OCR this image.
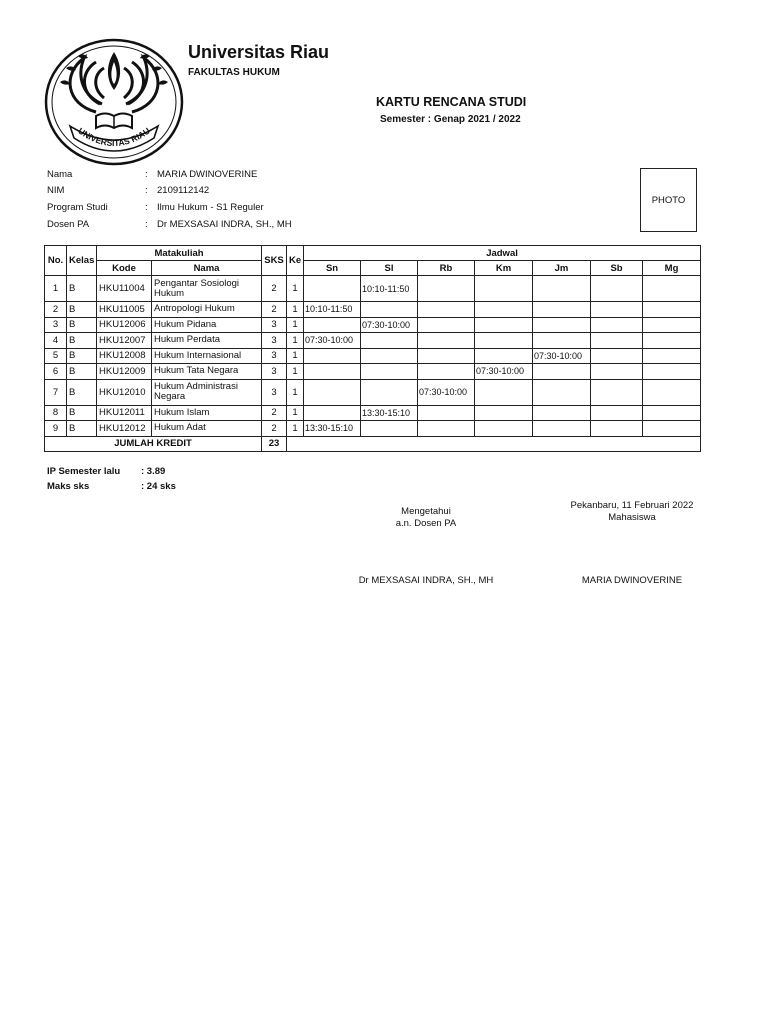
UNIVERSITAS RIAU
Universitas Riau
FAKULTAS HUKUM
KARTU RENCANA STUDI
Semester : Genap 2021 / 2022
Nama	: MARIA DWINOVERINE
NIM	: 2109112142
Program Studi	: Ilmu Hukum - S1 Reguler
Dosen PA	: Dr MEXSASAI INDRA, SH., MH
PHOTO
No.	Kelas	Matakuliah		SKS	Ke	Jadwal						
		Kode	Nama			Sn	Sl	Rb	Km	Jm	Sb	Mg
1	B	HKU11004	Pengantar Sosiologi Hukum	2	1		10:10-11:50					
2	B	HKU11005	Antropologi Hukum	2	1	10:10-11:50						
3	B	HKU12006	Hukum Pidana	3	1		07:30-10:00					
4	B	HKU12007	Hukum Perdata	3	1	07:30-10:00						
5	B	HKU12008	Hukum Internasional	3	1					07:30-10:00		
6	B	HKU12009	Hukum Tata Negara	3	1				07:30-10:00			
7	B	HKU12010	Hukum Administrasi Negara	3	1			07:30-10:00				
8	B	HKU12011	Hukum Islam	2	1		13:30-15:10					
9	B	HKU12012	Hukum Adat	2	1	13:30-15:10						
JUMLAH KREDIT				23								
IP Semester lalu : 3.89
Maks sks	: 24 sks
Mengetahui
a.n. Dosen PA
Pekanbaru, 11 Februari 2022
Mahasiswa
Dr MEXSASAI INDRA, SH., MH	MARIA DWINOVERINE
